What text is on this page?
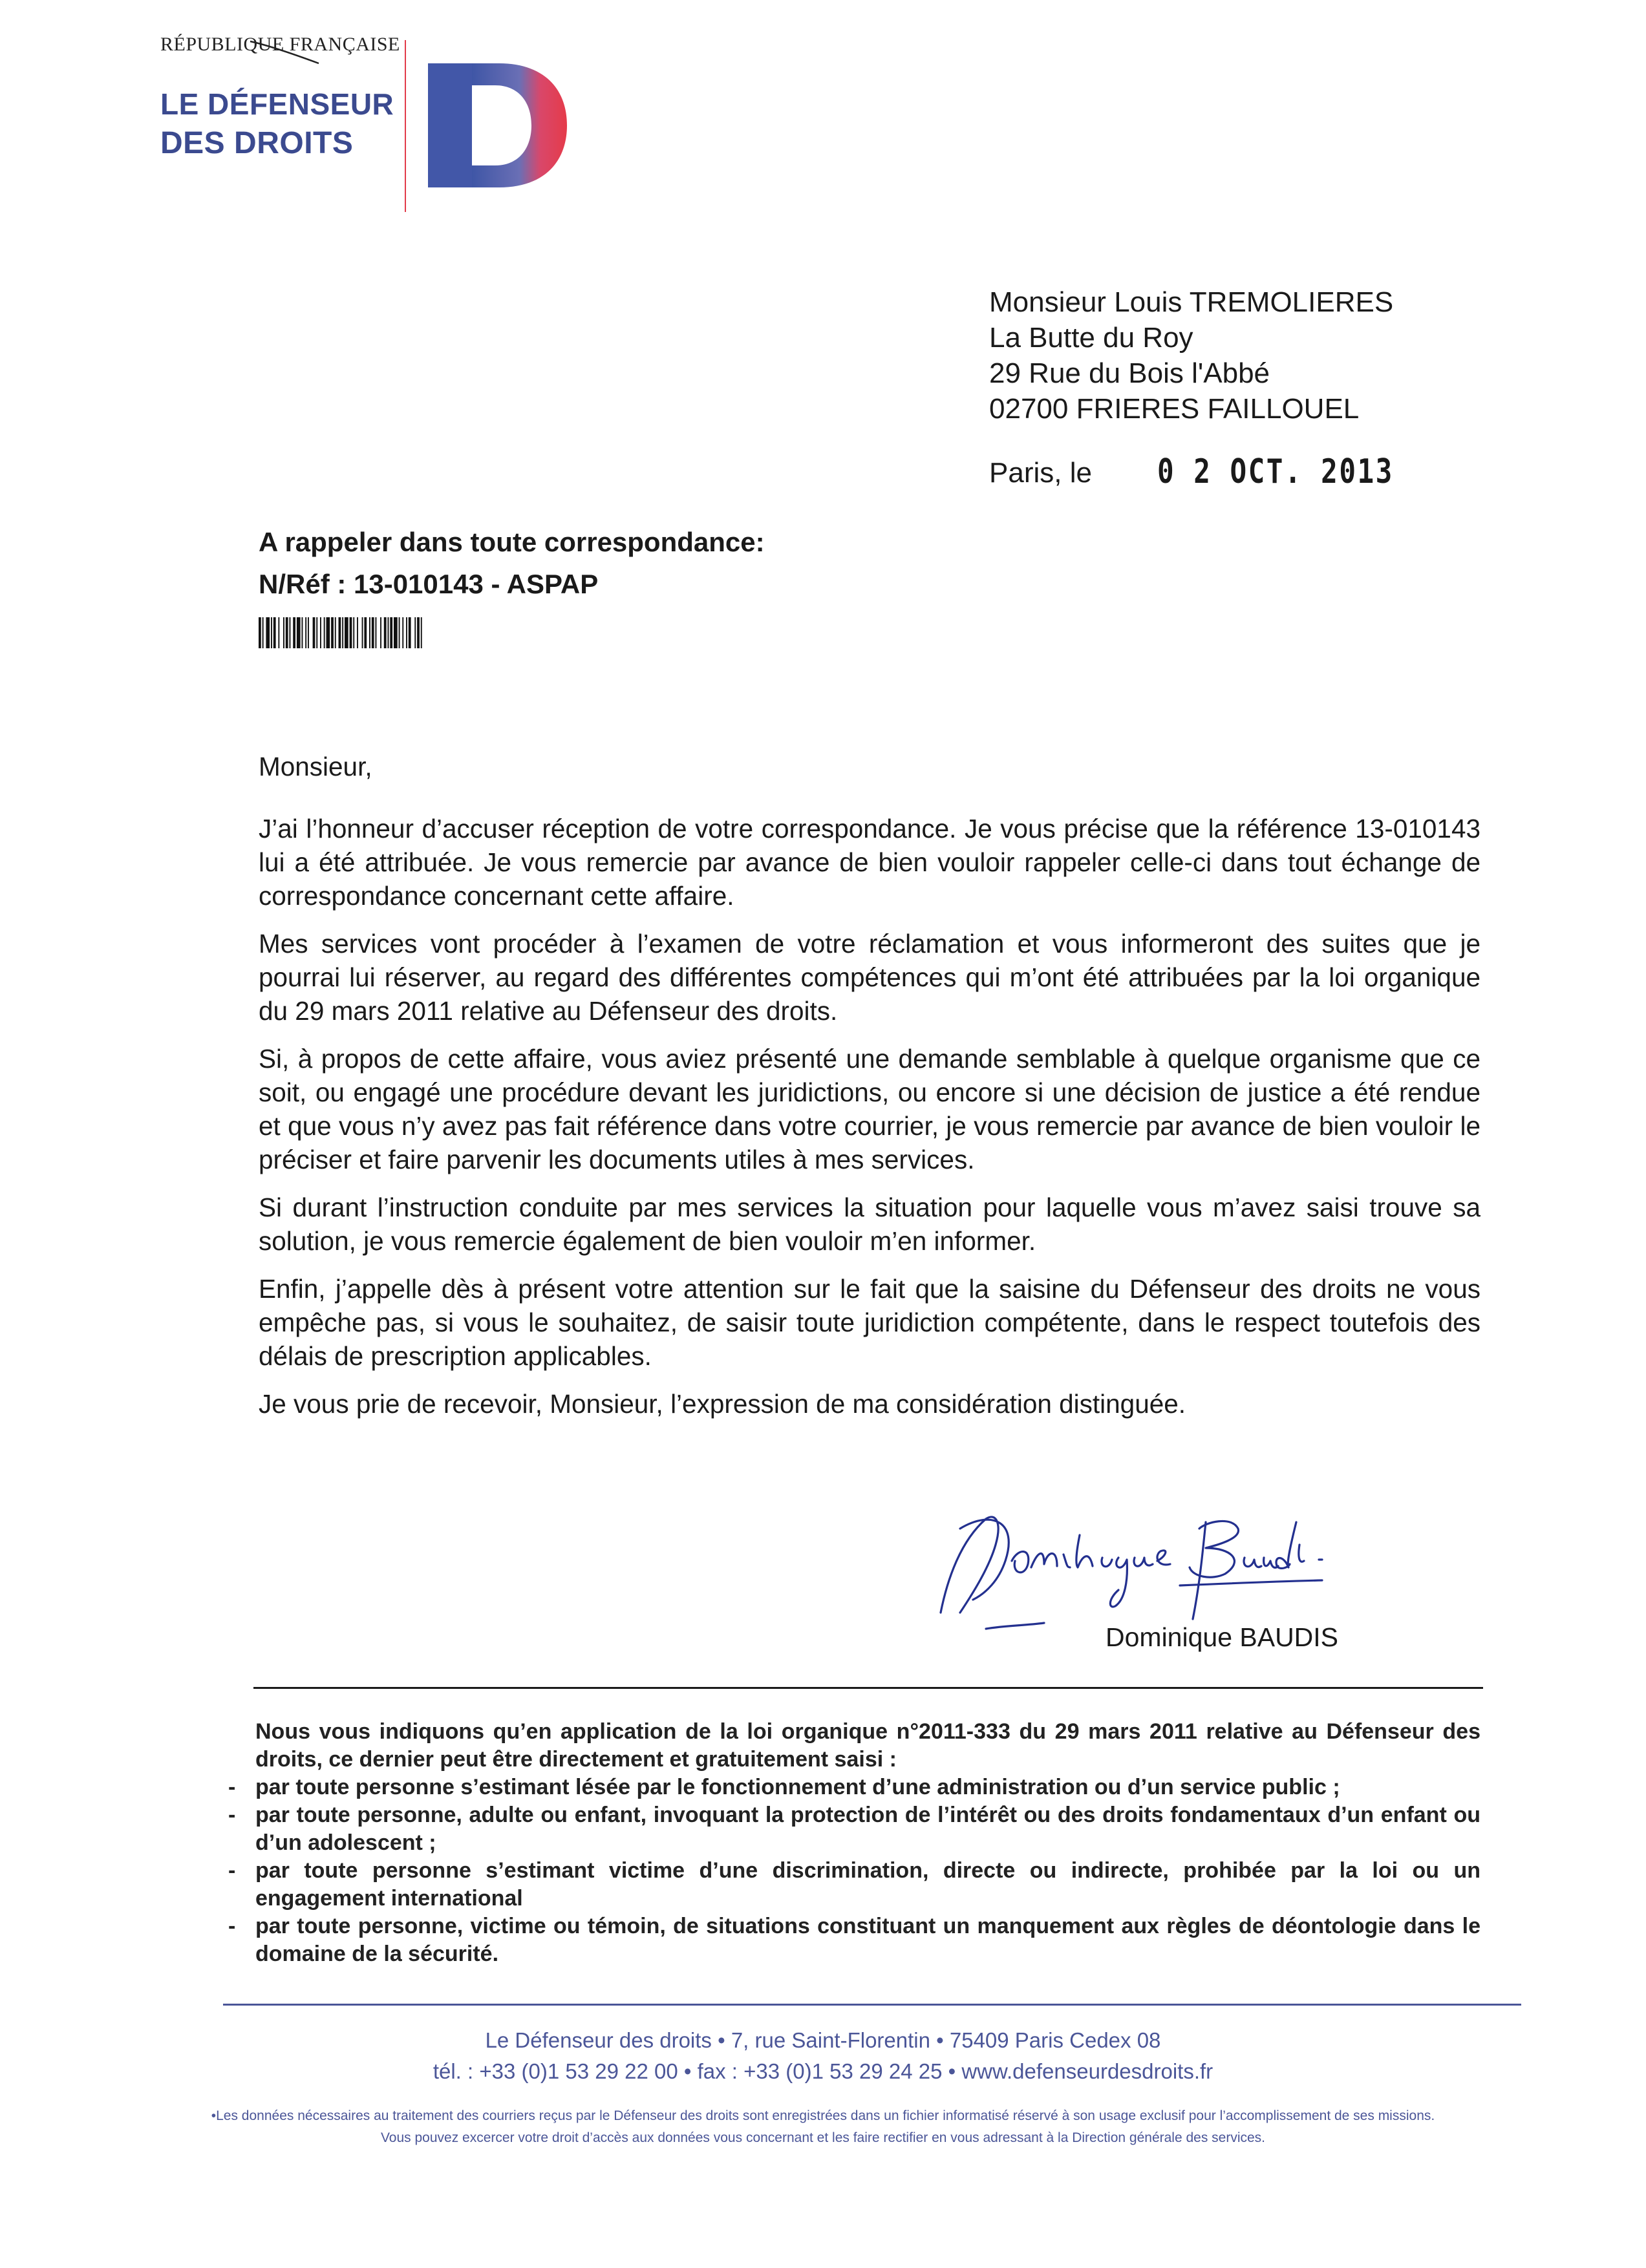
RÉPUBLIQUE FRANÇAISE
LE DÉFENSEUR
DES DROITS
Monsieur Louis TREMOLIERES
La Butte du Roy
29 Rue du Bois l'Abbé
02700 FRIERES FAILLOUEL
Paris, le 0 2 OCT. 2013
A rappeler dans toute correspondance:
N/Réf : 13-010143 - ASPAP

Monsieur,

J’ai l’honneur d’accuser réception de votre correspondance. Je vous précise que la référence 13-010143 lui a été attribuée. Je vous remercie par avance de bien vouloir rappeler celle-ci dans tout échange de correspondance concernant cette affaire.

Mes services vont procéder à l’examen de votre réclamation et vous informeront des suites que je pourrai lui réserver, au regard des différentes compétences qui m’ont été attribuées par la loi organique du 29 mars 2011 relative au Défenseur des droits.

Si, à propos de cette affaire, vous aviez présenté une demande semblable à quelque organisme que ce soit, ou engagé une procédure devant les juridictions, ou encore si une décision de justice a été rendue et que vous n’y avez pas fait référence dans votre courrier, je vous remercie par avance de bien vouloir le préciser et faire parvenir les documents utiles à mes services.

Si durant l’instruction conduite par mes services la situation pour laquelle vous m’avez saisi trouve sa solution, je vous remercie également de bien vouloir m’en informer.

Enfin, j’appelle dès à présent votre attention sur le fait que la saisine du Défenseur des droits ne vous empêche pas, si vous le souhaitez, de saisir toute juridiction compétente, dans le respect toutefois des délais de prescription applicables.

Je vous prie de recevoir, Monsieur, l’expression de ma considération distinguée.

Dominique BAUDIS

Nous vous indiquons qu’en application de la loi organique n°2011-333 du 29 mars 2011 relative au Défenseur des droits, ce dernier peut être directement et gratuitement saisi :

- par toute personne s’estimant lésée par le fonctionnement d’une administration ou d’un service public ;
- par toute personne, adulte ou enfant, invoquant la protection de l’intérêt ou des droits fondamentaux d’un enfant ou d’un adolescent ;
- par toute personne s’estimant victime d’une discrimination, directe ou indirecte, prohibée par la loi ou un engagement international
- par toute personne, victime ou témoin, de situations constituant un manquement aux règles de déontologie dans le domaine de la sécurité.
Le Défenseur des droits • 7, rue Saint-Florentin • 75409 Paris Cedex 08
tél. : +33 (0)1 53 29 22 00 • fax : +33 (0)1 53 29 24 25 • www.defenseurdesdroits.fr
•Les données nécessaires au traitement des courriers reçus par le Défenseur des droits sont enregistrées dans un fichier informatisé réservé à son usage exclusif pour l’accomplissement de ses missions.
Vous pouvez excercer votre droit d’accès aux données vous concernant et les faire rectifier en vous adressant à la Direction générale des services.
